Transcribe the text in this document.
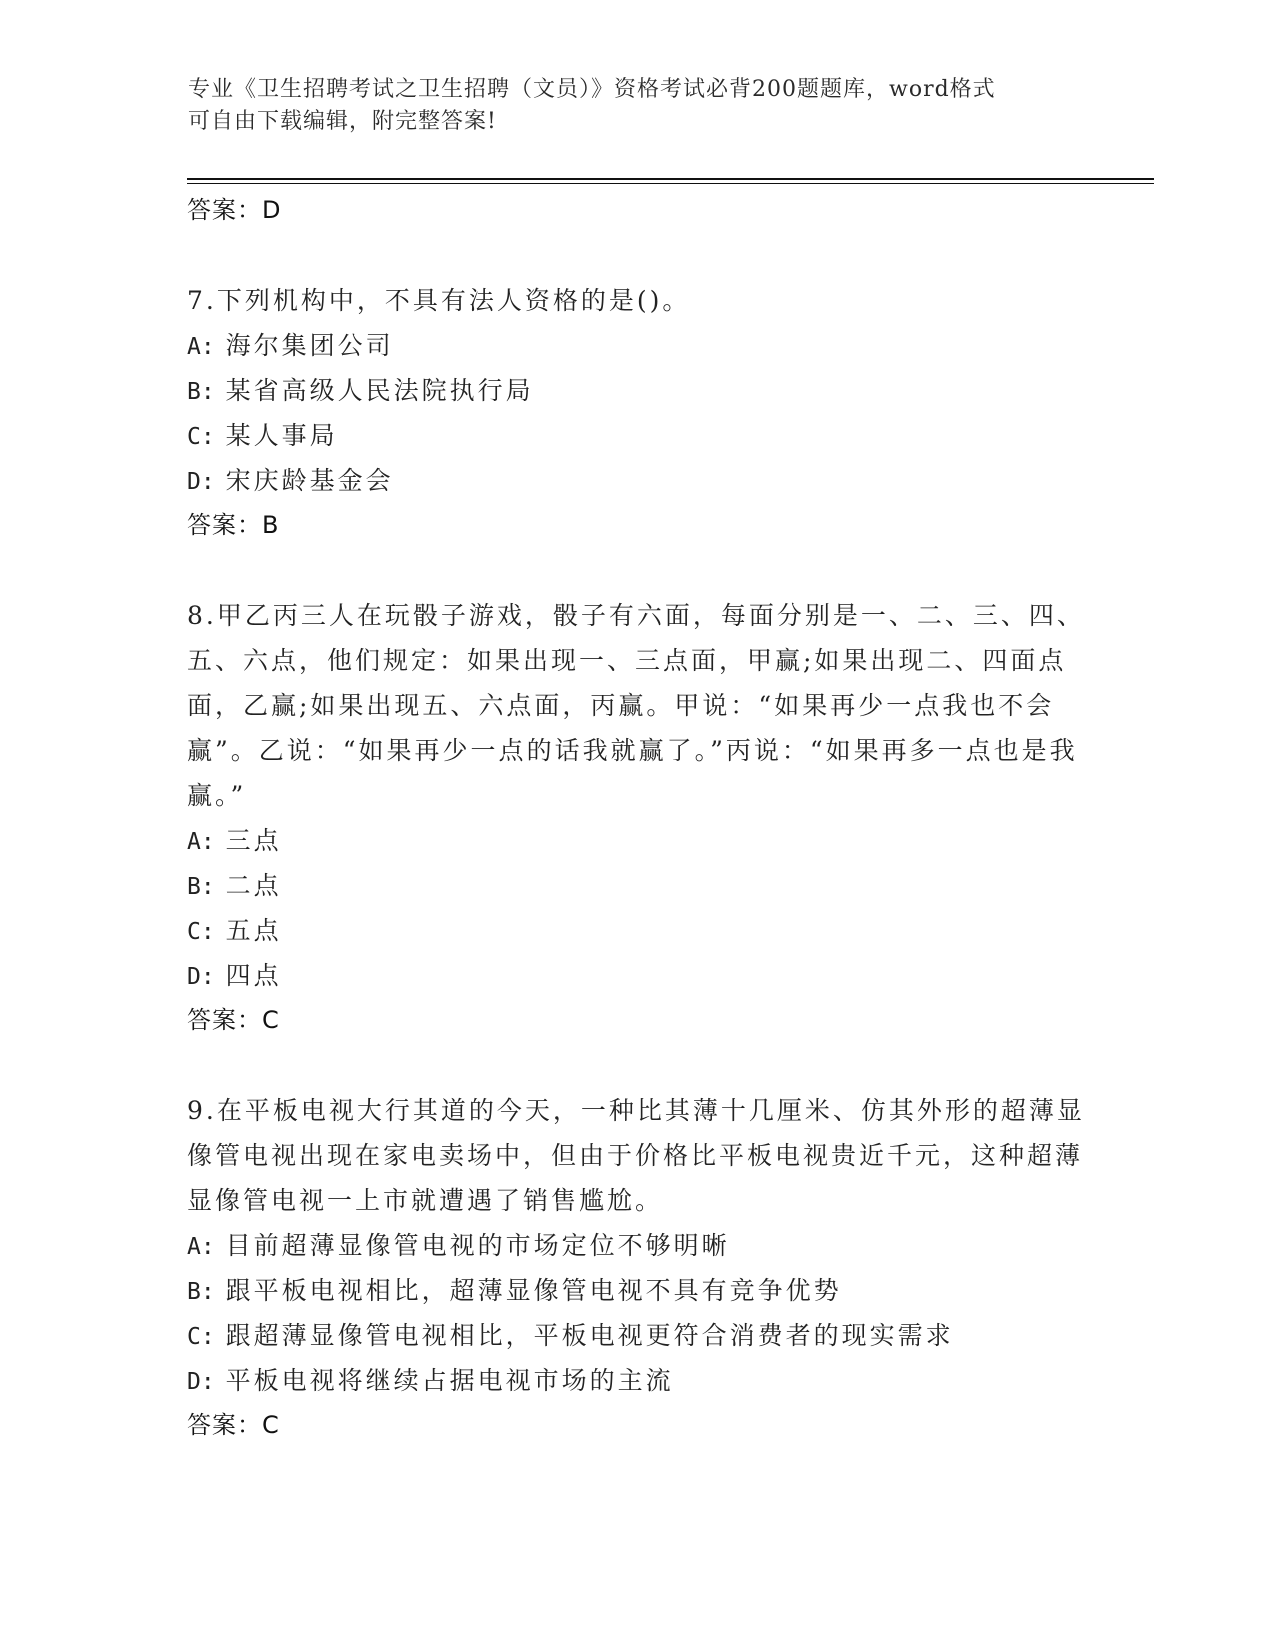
专业《卫生招聘考试之卫生招聘（文员）》资格考试必背200题题库，word格式
可自由下载编辑，附完整答案!
答案：D
7.下列机构中，不具有法人资格的是()。
A: 海尔集团公司
B: 某省高级人民法院执行局
C: 某人事局
D: 宋庆龄基金会
答案：B
8.甲乙丙三人在玩骰子游戏，骰子有六面，每面分别是一、二、三、四、五、六点，他们规定：如果出现一、三点面，甲赢;如果出现二、四面点面，乙赢;如果出现五、六点面，丙赢。甲说：“如果再少一点我也不会赢”。乙说：“如果再少一点的话我就赢了。”丙说：“如果再多一点也是我赢。”
A: 三点
B: 二点
C: 五点
D: 四点
答案：C
9.在平板电视大行其道的今天，一种比其薄十几厘米、仿其外形的超薄显像管电视出现在家电卖场中，但由于价格比平板电视贵近千元，这种超薄显像管电视一上市就遭遇了销售尴尬。
A: 目前超薄显像管电视的市场定位不够明晰
B: 跟平板电视相比，超薄显像管电视不具有竞争优势
C: 跟超薄显像管电视相比，平板电视更符合消费者的现实需求
D: 平板电视将继续占据电视市场的主流
答案：C
